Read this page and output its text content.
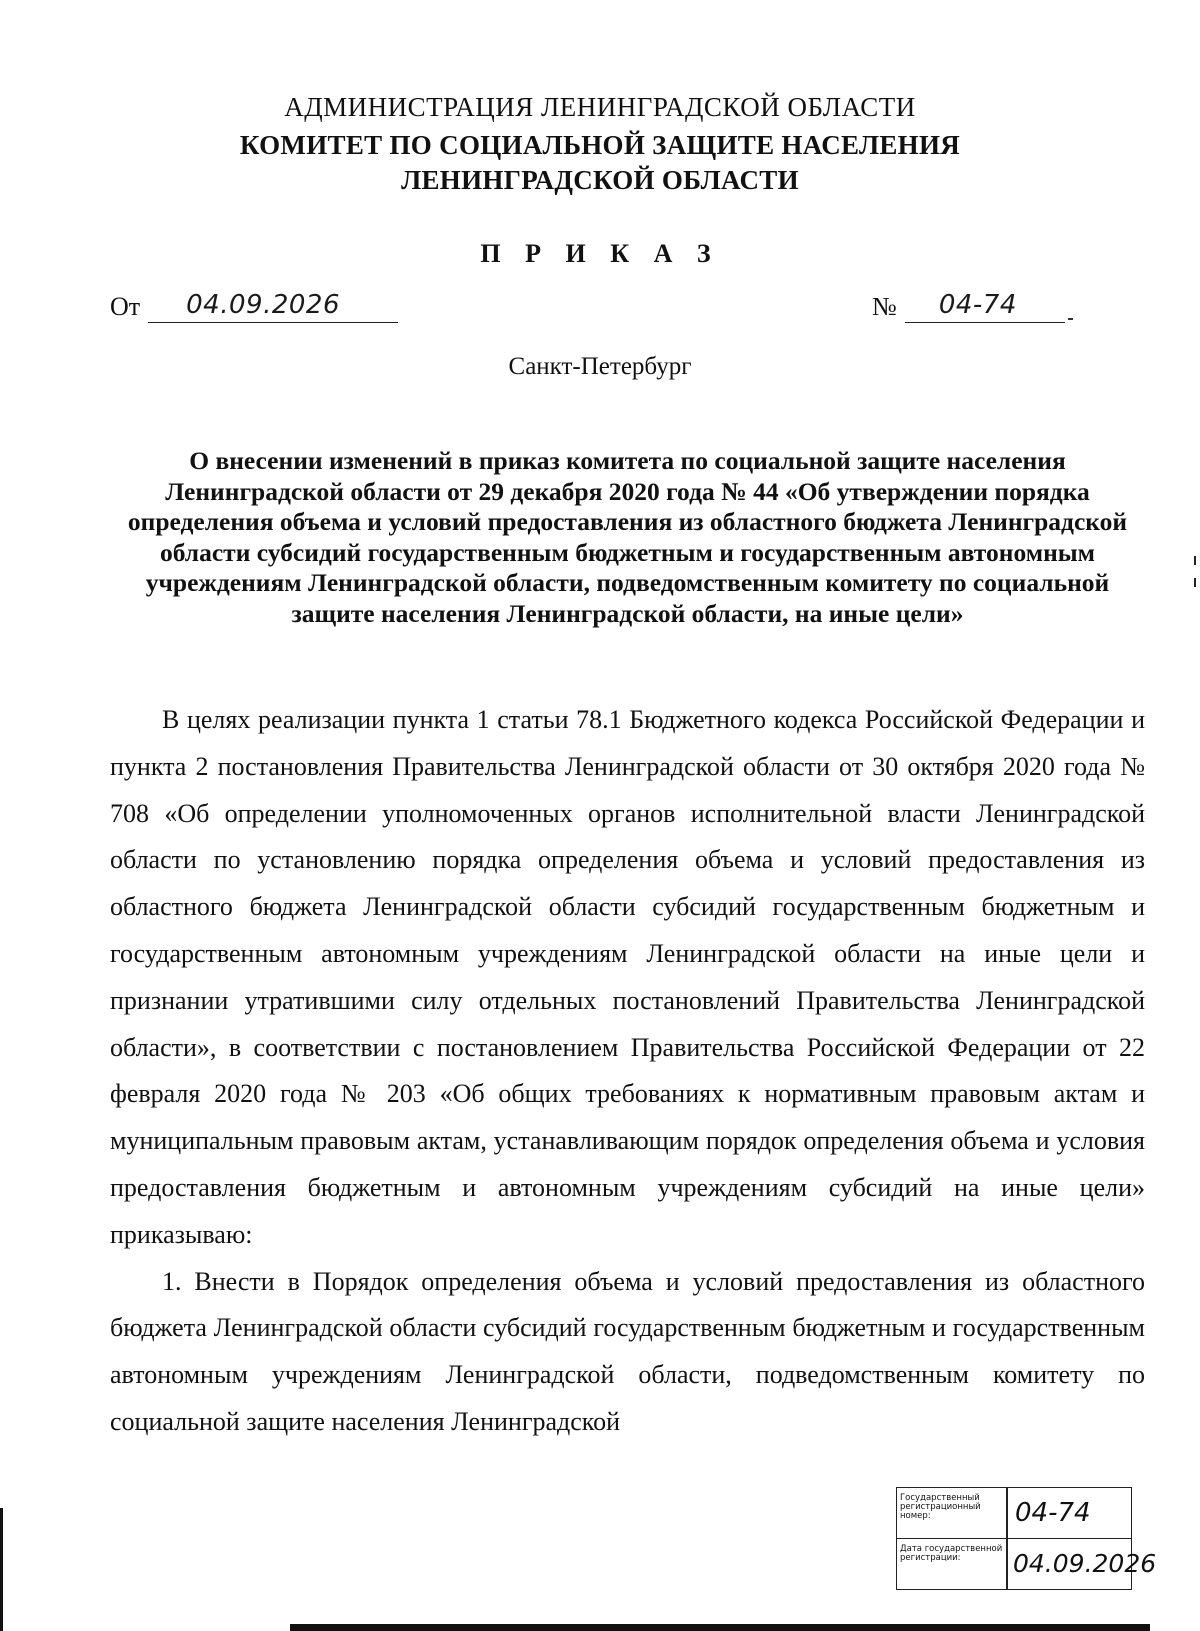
АДМИНИСТРАЦИЯ ЛЕНИНГРАДСКОЙ ОБЛАСТИ
КОМИТЕТ ПО СОЦИАЛЬНОЙ ЗАЩИТЕ НАСЕЛЕНИЯ
ЛЕНИНГРАДСКОЙ ОБЛАСТИ
П Р И К А З
От 04.09.2026
	№ 04-74

Санкт-Петербург
О внесении изменений в приказ комитета по социальной защите населения Ленинградской области от 29 декабря 2020 года № 44 «Об утверждении порядка определения объема и условий предоставления из областного бюджета Ленинградской области субсидий государственным бюджетным и государственным автономным учреждениям Ленинградской области, подведомственным комитету по социальной защите населения Ленинградской области, на иные цели»

В целях реализации пункта 1 статьи 78.1 Бюджетного кодекса Российской Федерации и пункта 2 постановления Правительства Ленинградской области от 30 октября 2020 года № 708 «Об определении уполномоченных органов исполнительной власти Ленинградской области по установлению порядка определения объема и условий предоставления из областного бюджета Ленинградской области субсидий государственным бюджетным и государственным автономным учреждениям Ленинградской области на иные цели и признании утратившими силу отдельных постановлений Правительства Ленинградской области», в соответствии с постановлением Правительства Российской Федерации от 22 февраля 2020 года № 203 «Об общих требованиях к нормативным правовым актам и муниципальным правовым актам, устанавливающим порядок определения объема и условия предоставления бюджетным и автономным учреждениям субсидий на иные цели» приказываю:

1. Внести в Порядок определения объема и условий предоставления из областного бюджета Ленинградской области субсидий государственным бюджетным и государственным автономным учреждениям Ленинградской области, подведомственным комитету по социальной защите населения Ленинградской

Государственный регистрационный номер:	04-74
Дата государственной регистрации:	04.09.2026
